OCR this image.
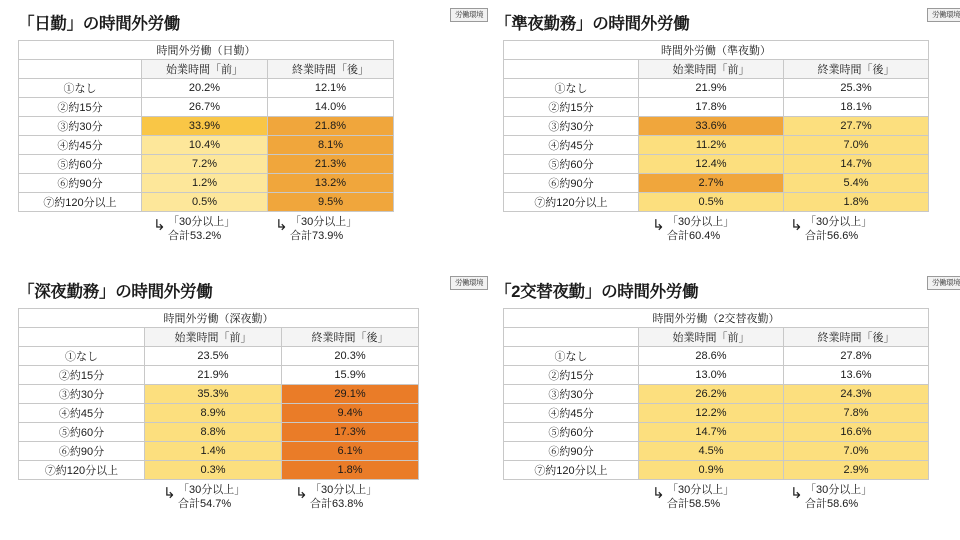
「日勤」の時間外労働
労働環境
時間外労働（日勤）		
	始業時間「前」	終業時間「後」
①なし	20.2%	12.1%
②約15分	26.7%	14.0%
③約30分	33.9%	21.8%
④約45分	10.4%	8.1%
⑤約60分	7.2%	21.3%
⑥約90分	1.2%	13.2%
⑦約120分以上	0.5%	9.5%
↳ 「30分以上」
合計53.2%
↳ 「30分以上」
合計73.9%
「準夜勤務」の時間外労働
労働環境
時間外労働（準夜勤）		
	始業時間「前」	終業時間「後」
①なし	21.9%	25.3%
②約15分	17.8%	18.1%
③約30分	33.6%	27.7%
④約45分	11.2%	7.0%
⑤約60分	12.4%	14.7%
⑥約90分	2.7%	5.4%
⑦約120分以上	0.5%	1.8%
↳ 「30分以上」
合計60.4%
↳ 「30分以上」
合計56.6%
「深夜勤務」の時間外労働
労働環境
時間外労働（深夜勤）		
	始業時間「前」	終業時間「後」
①なし	23.5%	20.3%
②約15分	21.9%	15.9%
③約30分	35.3%	29.1%
④約45分	8.9%	9.4%
⑤約60分	8.8%	17.3%
⑥約90分	1.4%	6.1%
⑦約120分以上	0.3%	1.8%
↳ 「30分以上」
合計54.7%
↳ 「30分以上」
合計63.8%
「2交替夜勤」の時間外労働
労働環境
時間外労働（2交替夜勤）		
	始業時間「前」	終業時間「後」
①なし	28.6%	27.8%
②約15分	13.0%	13.6%
③約30分	26.2%	24.3%
④約45分	12.2%	7.8%
⑤約60分	14.7%	16.6%
⑥約90分	4.5%	7.0%
⑦約120分以上	0.9%	2.9%
↳ 「30分以上」
合計58.5%
↳ 「30分以上」
合計58.6%
